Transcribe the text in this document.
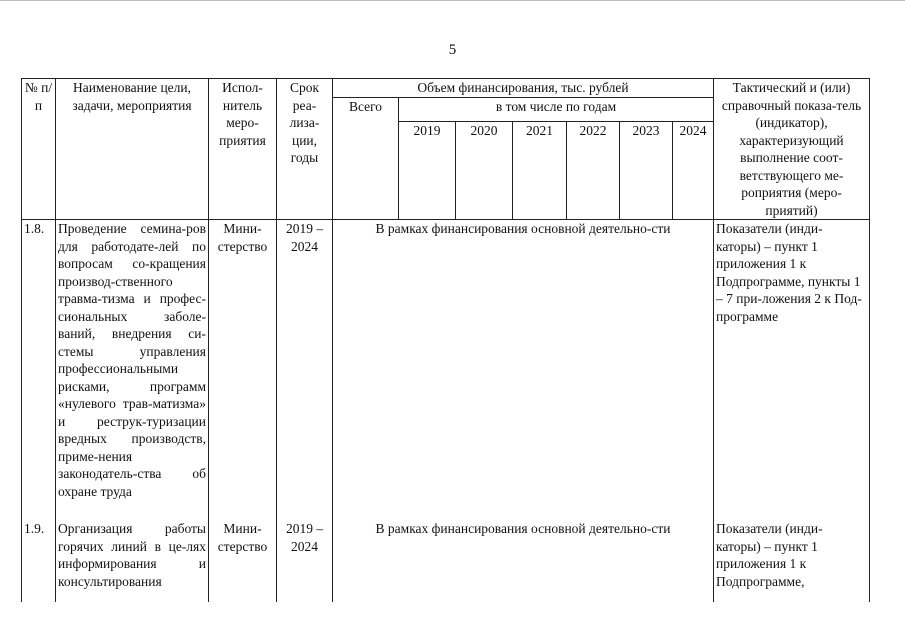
5
№ п/п	Наименование цели, задачи, мероприятия	Испол-нитель меро-приятия	Срок реа-лиза-ции, годы	Объем финансирования, тыс. рублей							Тактический и (или) справочный показа-тель (индикатор), характеризующий выполнение соот-ветствующего ме-роприятия (меро-приятий)
				Всего	в том числе по годам						
					2019	2020	2021	2022	2023	2024	
1.8.	Проведение семина-ров для работодате-лей по вопросам со-кращения производ-ственного травма-тизма и профес-сиональных заболе-ваний, внедрения си-стемы управления профессиональными рисками, программ «нулевого трав-матизма» и реструк-туризации вредных производств, приме-нения законодатель-ства об охране труда	Мини-стерство	2019 – 2024	В рамках финансирования основной деятельно-сти							Показатели (инди-каторы) – пункт 1 приложения 1 к Подпрограмме, пункты 1 – 7 при-ложения 2 к Под-программе
1.9.	Организация работы горячих линий в це-лях информирования и консультирования	Мини-стерство	2019 – 2024	В рамках финансирования основной деятельно-сти							Показатели (инди-каторы) – пункт 1 приложения 1 к Подпрограмме,
